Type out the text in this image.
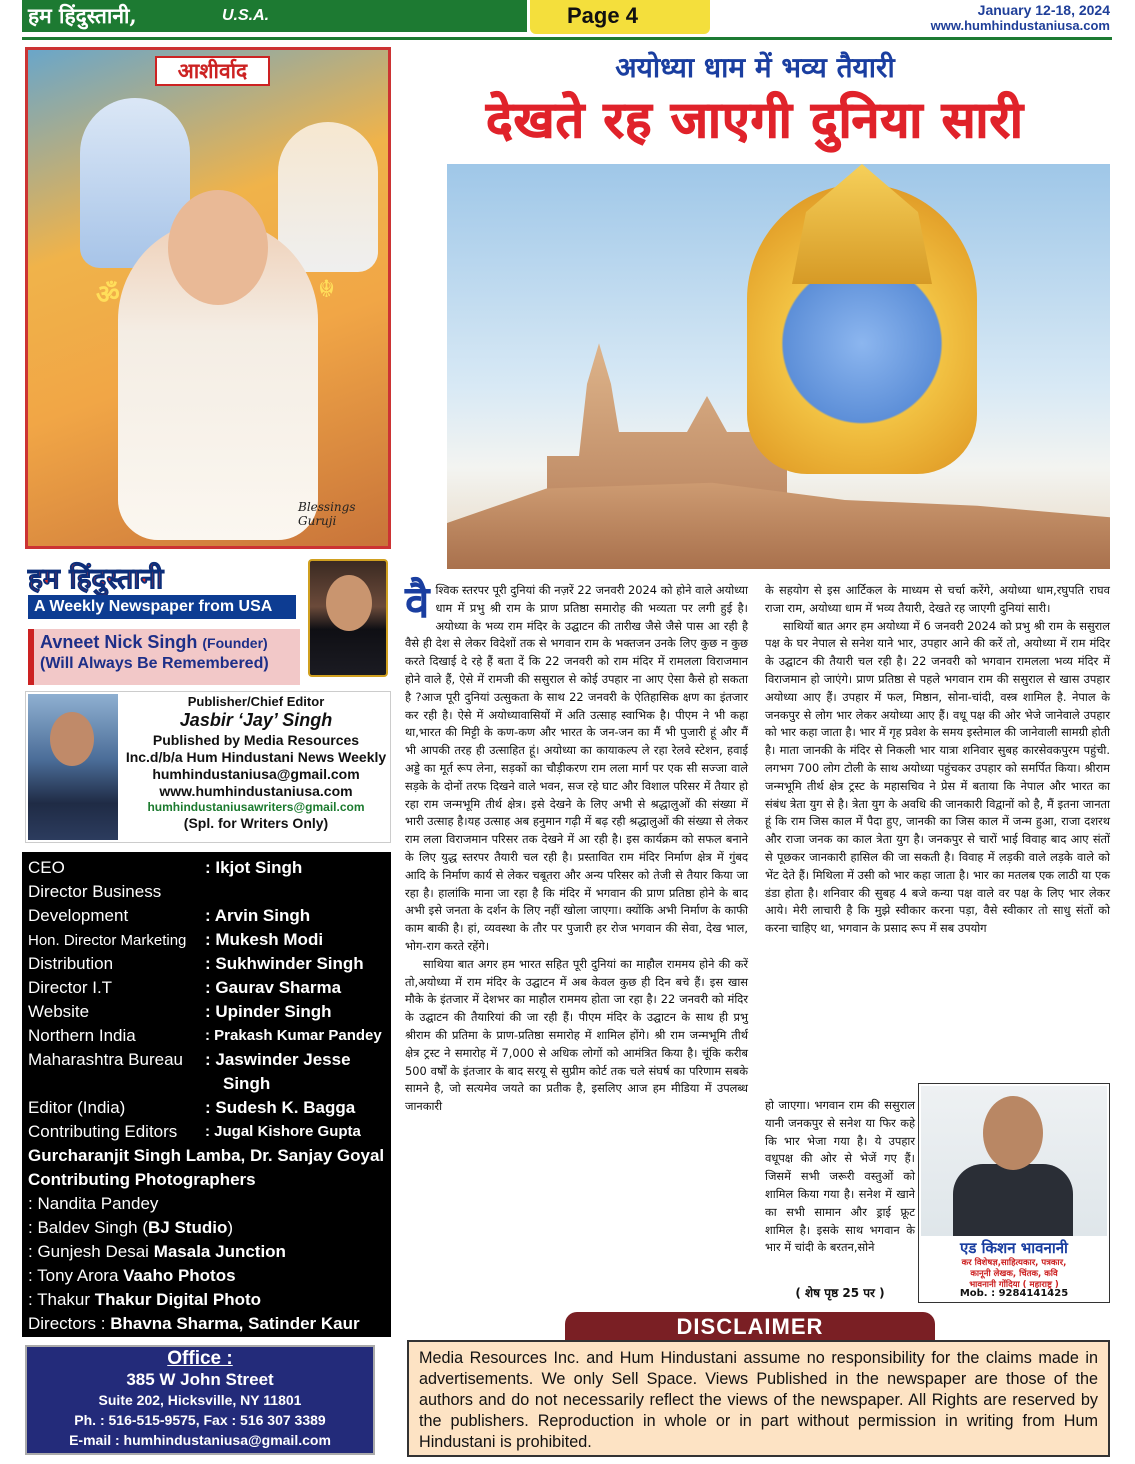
हम हिंदुस्तानी,	U.S.A.	Page 4	January 12-18, 2024
www.humhindustaniusa.com
ॐ	☬
आशीर्वाद
Blessings Guruji
हम हिंदुस्तानी
A Weekly Newspaper from USA
Avneet Nick Singh (Founder)
(Will Always Be Remembered)
Publisher/Chief Editor
Jasbir ‘Jay’ Singh
Published by Media Resources
Inc.d/b/a Hum Hindustani News Weekly
humhindustaniusa@gmail.com
www.humhindustaniusa.com
humhindustaniusawriters@gmail.com
(Spl. for Writers Only)
CEO	: Ikjot Singh
Director Business
Development	: Arvin Singh
Hon. Director Marketing : Mukesh Modi
Distribution	: Sukhwinder Singh
Director I.T	: Gaurav Sharma
Website	: Upinder Singh
Northern India	: Prakash Kumar Pandey
Maharashtra Bureau : Jaswinder Jesse
Singh
Editor (India)	: Sudesh K. Bagga
Contributing Editors : Jugal Kishore Gupta
Gurcharanjit Singh Lamba, Dr. Sanjay Goyal
Contributing Photographers
: Nandita Pandey
: Baldev Singh (BJ Studio)
: Gunjesh Desai Masala Junction
: Tony Arora Vaaho Photos
: Thakur Thakur Digital Photo
Directors : Bhavna Sharma, Satinder Kaur
Office :
385 W John Street
Suite 202, Hicksville, NY 11801
Ph. : 516-515-9575, Fax : 516 307 3389
E-mail : humhindustaniusa@gmail.com
अयोध्या धाम में भव्य तैयारी
देखते रह जाएगी दुनिया सारी
वैश्विक स्तरपर पूरी दुनियां की नज़रें 22 जनवरी 2024 को होने वाले अयोध्या धाम में प्रभु श्री राम के प्राण प्रतिष्ठा समारोह की भव्यता पर लगी हुई है। अयोध्या के भव्य राम मंदिर के उद्घाटन की तारीख जैसे जैसे पास आ रही है वैसे ही देश से लेकर विदेशों तक से भगवान राम के भक्तजन उनके लिए कुछ न कुछ करते दिखाई दे रहे हैं बता दें कि 22 जनवरी को राम मंदिर में रामलला विराजमान होने वाले हैं, ऐसे में रामजी की ससुराल से कोई उपहार ना आए ऐसा कैसे हो सकता है ?आज पूरी दुनियां उत्सुकता के साथ 22 जनवरी के ऐतिहासिक क्षण का इंतजार कर रही है। ऐसे में अयोध्यावासियों में अति उत्साह स्वाभिक है। पीएम ने भी कहा था,भारत की मिट्टी के कण-कण और भारत के जन-जन का मैं भी पुजारी हूं और मैं भी आपकी तरह ही उत्साहित हूं। अयोध्या का कायाकल्प ले रहा रेलवे स्टेशन, हवाई अड्डे का मूर्त रूप लेना, सड़कों का चौड़ीकरण राम लला मार्ग पर एक सी सज्जा वाले सड़के के दोनों तरफ दिखने वाले भवन, सज रहे घाट और विशाल परिसर में तैयार हो रहा राम जन्मभूमि तीर्थ क्षेत्र। इसे देखने के लिए अभी से श्रद्धालुओं की संख्या में भारी उत्साह है।यह उत्साह अब हनुमान गढ़ी में बढ़ रही श्रद्धालुओं की संख्या से लेकर राम लला विराजमान परिसर तक देखने में आ रही है। इस कार्यक्रम को सफल बनाने के लिए युद्ध स्तरपर तैयारी चल रही है। प्रस्तावित राम मंदिर निर्माण क्षेत्र में गुंबद आदि के निर्माण कार्य से लेकर चबूतरा और अन्य परिसर को तेजी से तैयार किया जा रहा है। हालांकि माना जा रहा है कि मंदिर में भगवान की प्राण प्रतिष्ठा होने के बाद अभी इसे जनता के दर्शन के लिए नहीं खोला जाएगा। क्योंकि अभी निर्माण के काफी काम बाकी है। हां, व्यवस्था के तौर पर पुजारी हर रोज भगवान की सेवा, देख भाल, भोग-राग करते रहेंगे।
साथिया बात अगर हम भारत सहित पूरी दुनियां का माहौल राममय होने की करें तो,अयोध्या में राम मंदिर के उद्घाटन में अब केवल कुछ ही दिन बचे हैं। इस खास मौके के इंतजार में देशभर का माहौल राममय होता जा रहा है। 22 जनवरी को मंदिर के उद्घाटन की तैयारियां की जा रही हैं। पीएम मंदिर के उद्घाटन के साथ ही प्रभु श्रीराम की प्रतिमा के प्राण-प्रतिष्ठा समारोह में शामिल होंगे। श्री राम जन्मभूमि तीर्थ क्षेत्र ट्रस्ट ने समारोह में 7,000 से अधिक लोगों को आमंत्रित किया है। चूंकि करीब 500 वर्षों के इंतजार के बाद सरयू से सुप्रीम कोर्ट तक चले संघर्ष का परिणाम सबके सामने है, जो सत्यमेव जयते का प्रतीक है, इसलिए आज हम मीडिया में उपलब्ध जानकारी
के सहयोग से इस आर्टिकल के माध्यम से चर्चा करेंगे, अयोध्या धाम,रघुपति राघव राजा राम, अयोध्या धाम में भव्य तैयारी, देखते रह जाएगी दुनियां सारी।
साथियों बात अगर हम अयोध्या में 6 जनवरी 2024 को प्रभु श्री राम के ससुराल पक्ष के घर नेपाल से सनेश याने भार, उपहार आने की करें तो, अयोध्या में राम मंदिर के उद्घाटन की तैयारी चल रही है। 22 जनवरी को भगवान रामलला भव्य मंदिर में विराजमान हो जाएंगे। प्राण प्रतिष्ठा से पहले भगवान राम की ससुराल से खास उपहार अयोध्या आए हैं। उपहार में फल, मिष्ठान, सोना-चांदी, वस्त्र शामिल है. नेपाल के जनकपुर से लोग भार लेकर अयोध्या आए हैं। वधू पक्ष की ओर भेजे जानेवाले उपहार को भार कहा जाता है। भार में गृह प्रवेश के समय इस्तेमाल की जानेवाली सामग्री होती है। माता जानकी के मंदिर से निकली भार यात्रा शनिवार सुबह कारसेवकपुरम पहुंची. लगभग 700 लोग टोली के साथ अयोध्या पहुंचकर उपहार को समर्पित किया। श्रीराम जन्मभूमि तीर्थ क्षेत्र ट्रस्ट के महासचिव ने प्रेस में बताया कि नेपाल और भारत का संबंध त्रेता युग से है। त्रेता युग के अवधि की जानकारी विद्वानों को है, मैं इतना जानता हूं कि राम जिस काल में पैदा हुए, जानकी का जिस काल में जन्म हुआ, राजा दशरथ और राजा जनक का काल त्रेता युग है। जनकपुर से चारों भाई विवाह बाद आए संतों से पूछकर जानकारी हासिल की जा सकती है। विवाह में लड़की वाले लड़के वाले को भेंट देते हैं। मिथिला में उसी को भार कहा जाता है। भार का मतलब एक लाठी या एक डंडा होता है। शनिवार की सुबह 4 बजे कन्या पक्ष वाले वर पक्ष के लिए भार लेकर आये। मेरी लाचारी है कि मुझे स्वीकार करना पड़ा, वैसे स्वीकार तो साधु संतों को करना चाहिए था, भगवान के प्रसाद रूप में सब उपयोग
हो जाएगा। भगवान राम की ससुराल यानी जनकपुर से सनेश या फिर कहे कि भार भेजा गया है। ये उपहार वधूपक्ष की ओर से भेजें गए हैं। जिसमें सभी जरूरी वस्तुओं को शामिल किया गया है। सनेश में खाने का सभी सामान और ड्राई फ्रूट शामिल है। इसके साथ भगवान के भार में चांदी के बरतन,सोने
( शेष पृष्ठ 25 पर )
एड किशन भावनानी
कर विशेषज्ञ,साहित्यकार, पत्रकार,
कानूनी लेखक, चिंतक, कवि
भावनानी गोंदिया ( महाराष्ट्र )
Mob. : 9284141425
DISCLAIMER
Media Resources Inc. and Hum Hindustani assume no responsibility for the claims made in advertisements. We only Sell Space. Views Published in the newspaper are those of the authors and do not necessarily reflect the views of the newspaper. All Rights are reserved by the publishers. Reproduction in whole or in part without permission in writing from Hum Hindustani is prohibited.
